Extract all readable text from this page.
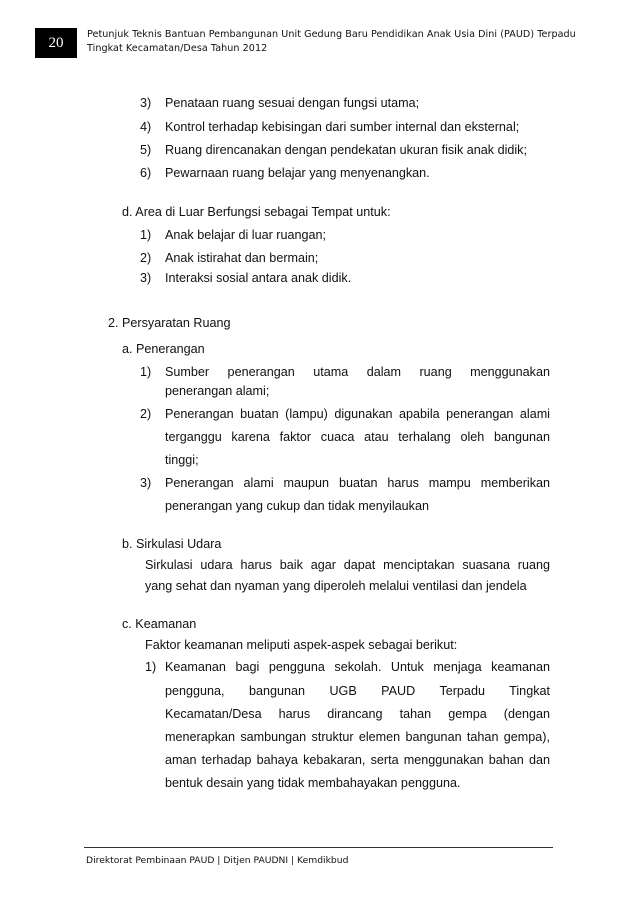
20	Petunjuk Teknis Bantuan Pembangunan Unit Gedung Baru Pendidikan Anak Usia Dini (PAUD) Terpadu
Tingkat Kecamatan/Desa Tahun 2012
3) Penataan ruang sesuai dengan fungsi utama;
4) Kontrol terhadap kebisingan dari sumber internal dan eksternal;
5) Ruang direncanakan dengan pendekatan ukuran fisik anak didik;
6) Pewarnaan ruang belajar yang menyenangkan.
d. Area di Luar Berfungsi sebagai Tempat untuk:
1) Anak belajar di luar ruangan;
2) Anak istirahat dan bermain;
3) Interaksi sosial antara anak didik.
2. Persyaratan Ruang
a. Penerangan
1) Sumber penerangan utama dalam ruang menggunakan
penerangan alami;
2) Penerangan buatan (lampu) digunakan apabila penerangan alami
terganggu karena faktor cuaca atau terhalang oleh bangunan
tinggi;
3) Penerangan alami maupun buatan harus mampu memberikan
penerangan yang cukup dan tidak menyilaukan
b. Sirkulasi Udara
Sirkulasi udara harus baik agar dapat menciptakan suasana ruang
yang sehat dan nyaman yang diperoleh melalui ventilasi dan jendela
c. Keamanan
Faktor keamanan meliputi aspek-aspek sebagai berikut:
1) Keamanan bagi pengguna sekolah. Untuk menjaga keamanan
pengguna, bangunan UGB PAUD Terpadu Tingkat
Kecamatan/Desa harus dirancang tahan gempa (dengan
menerapkan sambungan struktur elemen bangunan tahan gempa),
aman terhadap bahaya kebakaran, serta menggunakan bahan dan
bentuk desain yang tidak membahayakan pengguna.
Direktorat Pembinaan PAUD | Ditjen PAUDNI | Kemdikbud
